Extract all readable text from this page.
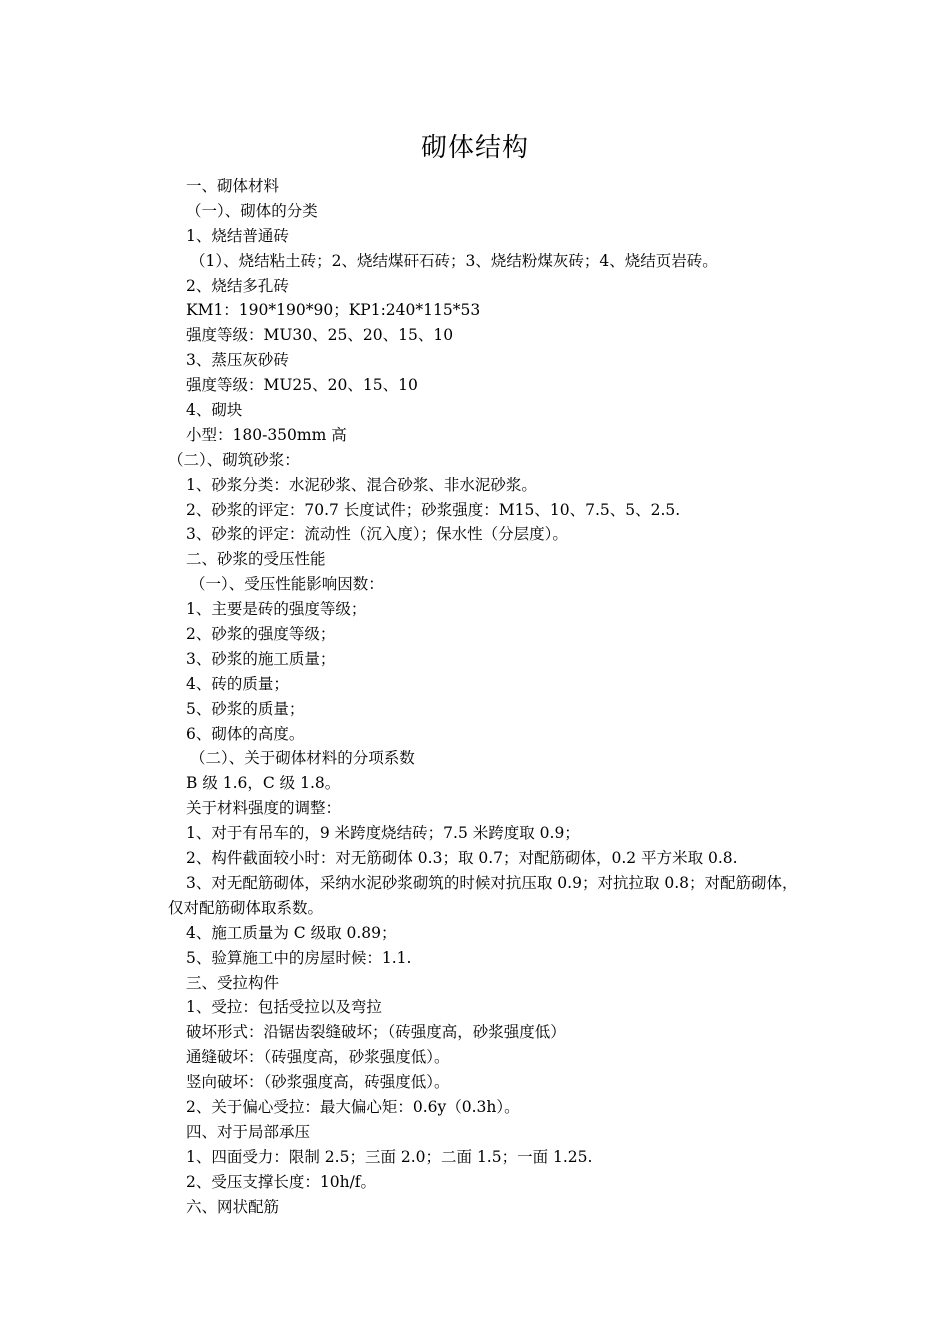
砌体结构
一、砌体材料
（一）、砌体的分类
1、烧结普通砖
（1）、烧结粘土砖；2、烧结煤矸石砖；3、烧结粉煤灰砖；4、烧结页岩砖。
2、烧结多孔砖
KM1：190*190*90；KP1:240*115*53
强度等级：MU30、25、20、15、10
3、蒸压灰砂砖
强度等级：MU25、20、15、10
4、砌块
小型：180-350mm 高
（二）、砌筑砂浆：
1、砂浆分类：水泥砂浆、混合砂浆、非水泥砂浆。
2、砂浆的评定：70.7 长度试件；砂浆强度：M15、10、7.5、5、2.5.
3、砂浆的评定：流动性（沉入度）；保水性（分层度）。
二、砂浆的受压性能
（一）、受压性能影响因数：
1、主要是砖的强度等级；
2、砂浆的强度等级；
3、砂浆的施工质量；
4、砖的质量；
5、砂浆的质量；
6、砌体的高度。
（二）、关于砌体材料的分项系数
B 级 1.6，C 级 1.8。
关于材料强度的调整：
1、对于有吊车的，9 米跨度烧结砖；7.5 米跨度取 0.9；
2、构件截面较小时：对无筋砌体 0.3；取 0.7；对配筋砌体，0.2 平方米取 0.8.
3、对无配筋砌体，采纳水泥砂浆砌筑的时候对抗压取 0.9；对抗拉取 0.8；对配筋砌体，仅对配筋砌体取系数。
4、施工质量为 C 级取 0.89；
5、验算施工中的房屋时候：1.1.
三、受拉构件
1、受拉：包括受拉以及弯拉
破坏形式：沿锯齿裂缝破坏；（砖强度高，砂浆强度低）
通缝破坏：（砖强度高，砂浆强度低）。
竖向破坏：（砂浆强度高，砖强度低）。
2、关于偏心受拉：最大偏心矩：0.6y（0.3h）。
四、对于局部承压
1、四面受力：限制 2.5；三面 2.0；二面 1.5；一面 1.25.
2、受压支撑长度：10h/f。
六、网状配筋
